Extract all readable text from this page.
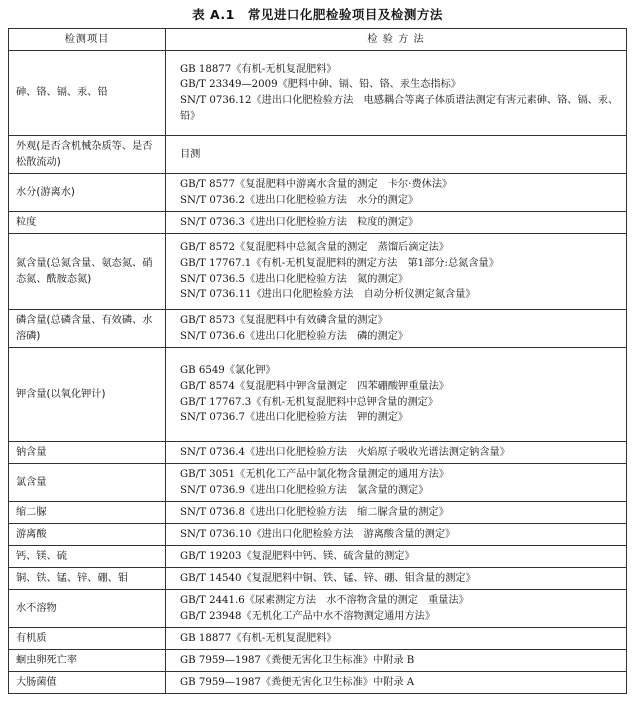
表 A.1　常见进口化肥检验项目及检测方法
检测项目	检 验 方 法
砷、铬、镉、汞、铅	GB 18877《有机-无机复混肥料》
GB/T 23349—2009《肥料中砷、镉、铅、铬、汞生态指标》
SN/T 0736.12《进出口化肥检验方法　电感耦合等离子体质谱法测定有害元素砷、铬、镉、汞、铅》

外观(是否含机械杂质等、是否松散流动)	目测

水分(游离水)	GB/T 8577《复混肥料中游离水含量的测定　卡尔·费休法》
SN/T 0736.2《进出口化肥检验方法　水分的测定》

粒度	SN/T 0736.3《进出口化肥检验方法　粒度的测定》

氮含量(总氮含量、氨态氮、硝态氮、酰胺态氮)	GB/T 8572《复混肥料中总氮含量的测定　蒸馏后滴定法》
GB/T 17767.1《有机-无机复混肥料的测定方法　第1部分:总氮含量》
SN/T 0736.5《进出口化肥检验方法　氮的测定》
SN/T 0736.11《进出口化肥检验方法　自动分析仪测定氮含量》

磷含量(总磷含量、有效磷、水溶磷)	GB/T 8573《复混肥料中有效磷含量的测定》
SN/T 0736.6《进出口化肥检验方法　磷的测定》

钾含量(以氧化钾计)	GB 6549《氯化钾》
GB/T 8574《复混肥料中钾含量测定　四苯硼酸钾重量法》
GB/T 17767.3《有机-无机复混肥料中总钾含量的测定》
SN/T 0736.7《进出口化肥检验方法　钾的测定》

钠含量	SN/T 0736.4《进出口化肥检验方法　火焰原子吸收光谱法测定钠含量》

氯含量	GB/T 3051《无机化工产品中氯化物含量测定的通用方法》
SN/T 0736.9《进出口化肥检验方法　氯含量的测定》

缩二脲	SN/T 0736.8《进出口化肥检验方法　缩二脲含量的测定》

游离酸	SN/T 0736.10《进出口化肥检验方法　游离酸含量的测定》

钙、镁、硫	GB/T 19203《复混肥料中钙、镁、硫含量的测定》

铜、铁、锰、锌、硼、钼	GB/T 14540《复混肥料中铜、铁、锰、锌、硼、钼含量的测定》

水不溶物	GB/T 2441.6《尿素测定方法　水不溶物含量的测定　重量法》
GB/T 23948《无机化工产品中水不溶物测定通用方法》

有机质	GB 18877《有机-无机复混肥料》

蛔虫卵死亡率	GB 7959—1987《粪便无害化卫生标准》中附录 B

大肠菌值	GB 7959—1987《粪便无害化卫生标准》中附录 A
